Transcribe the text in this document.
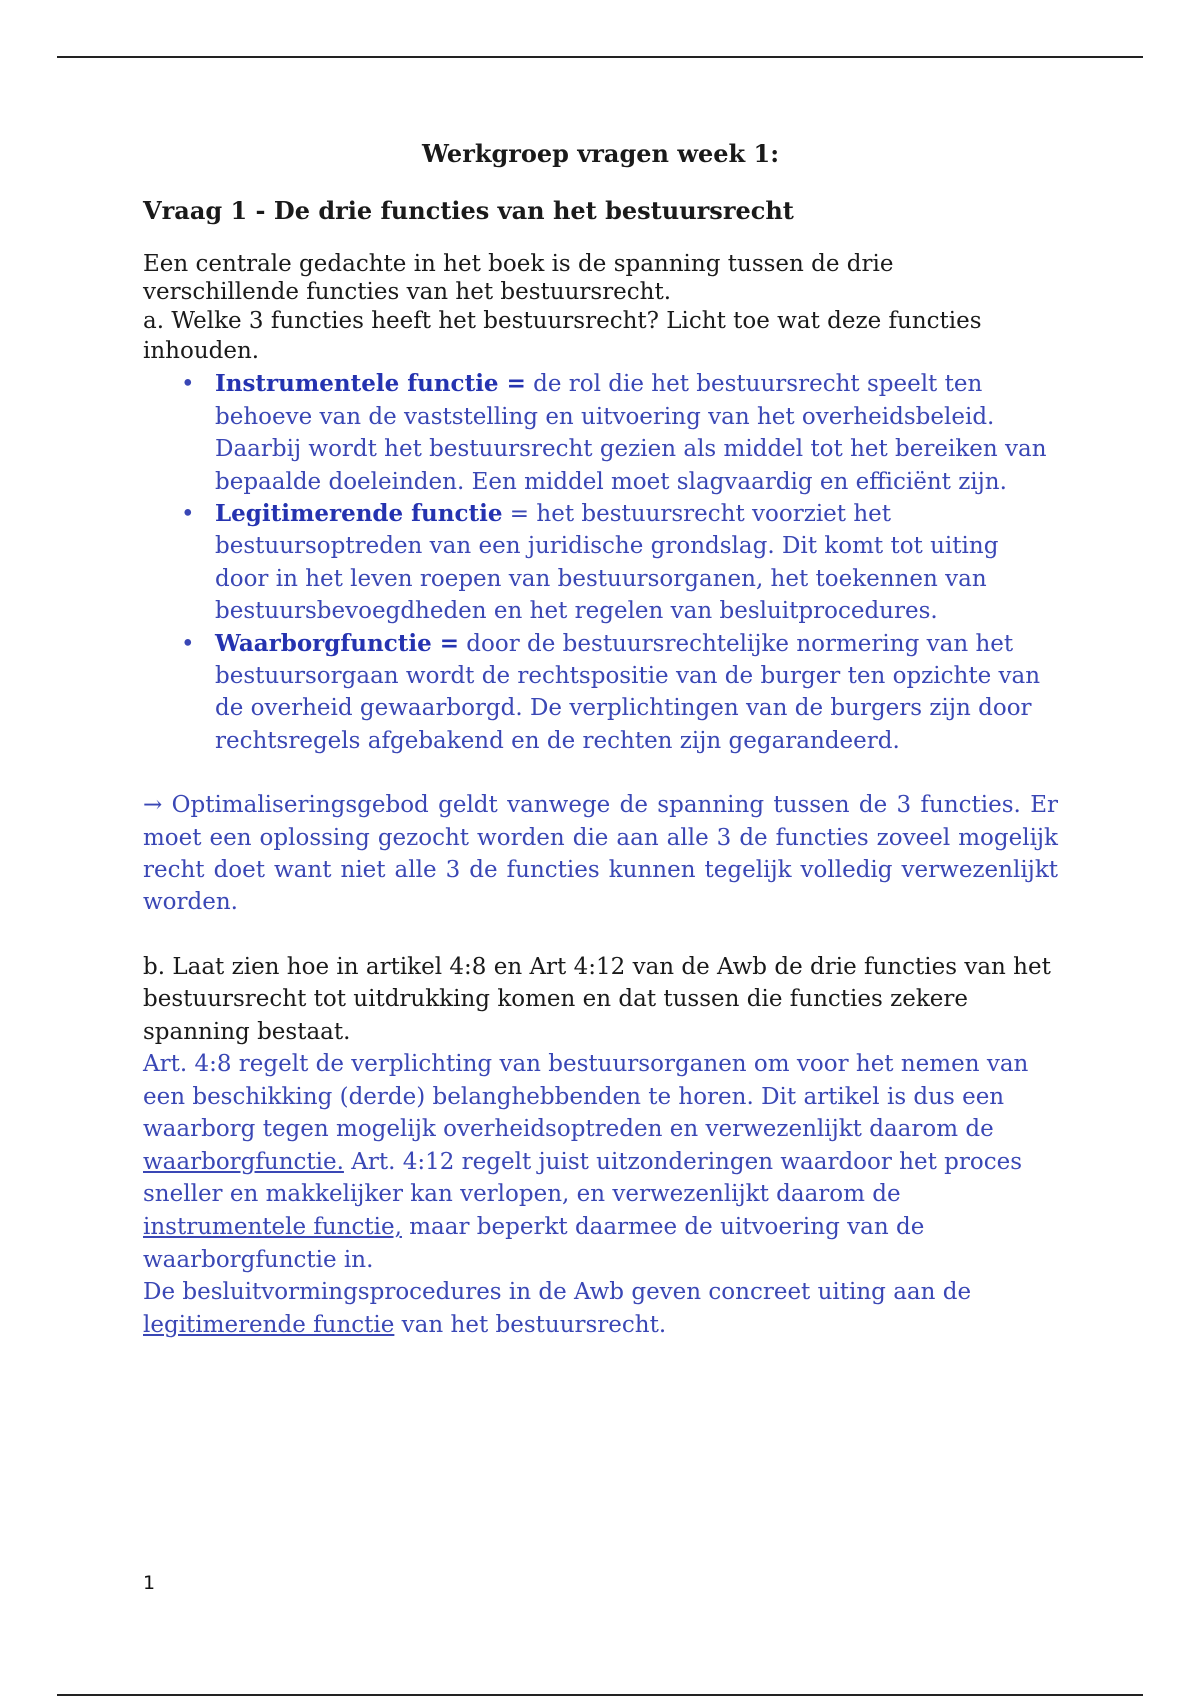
Werkgroep vragen week 1:
Vraag 1 - De drie functies van het bestuursrecht

Een centrale gedachte in het boek is de spanning tussen de drie
verschillende functies van het bestuursrecht.

a. Welke 3 functies heeft het bestuursrecht? Licht toe wat deze functies inhouden.

• Instrumentele functie = de rol die het bestuursrecht speelt ten behoeve van de vaststelling en uitvoering van het overheidsbeleid. Daarbij wordt het bestuursrecht gezien als middel tot het bereiken van bepaalde doeleinden. Een middel moet slagvaardig en efficiënt zijn.
• Legitimerende functie = het bestuursrecht voorziet het bestuursoptreden van een juridische grondslag. Dit komt tot uiting door in het leven roepen van bestuursorganen, het toekennen van bestuursbevoegdheden en het regelen van besluitprocedures.
• Waarborgfunctie = door de bestuursrechtelijke normering van het bestuursorgaan wordt de rechtspositie van de burger ten opzichte van de overheid gewaarborgd. De verplichtingen van de burgers zijn door rechtsregels afgebakend en de rechten zijn gegarandeerd.

→ Optimaliseringsgebod geldt vanwege de spanning tussen de 3 functies. Er moet een oplossing gezocht worden die aan alle 3 de functies zoveel mogelijk recht doet want niet alle 3 de functies kunnen tegelijk volledig verwezenlijkt worden.

b. Laat zien hoe in artikel 4:8 en Art 4:12 van de Awb de drie functies van het bestuursrecht tot uitdrukking komen en dat tussen die functies zekere spanning bestaat.

Art. 4:8 regelt de verplichting van bestuursorganen om voor het nemen van een beschikking (derde) belanghebbenden te horen. Dit artikel is dus een waarborg tegen mogelijk overheidsoptreden en verwezenlijkt daarom de waarborgfunctie. Art. 4:12 regelt juist uitzonderingen waardoor het proces sneller en makkelijker kan verlopen, en verwezenlijkt daarom de instrumentele functie, maar beperkt daarmee de uitvoering van de waarborgfunctie in.
De besluitvormingsprocedures in de Awb geven concreet uiting aan de legitimerende functie van het bestuursrecht.

1
